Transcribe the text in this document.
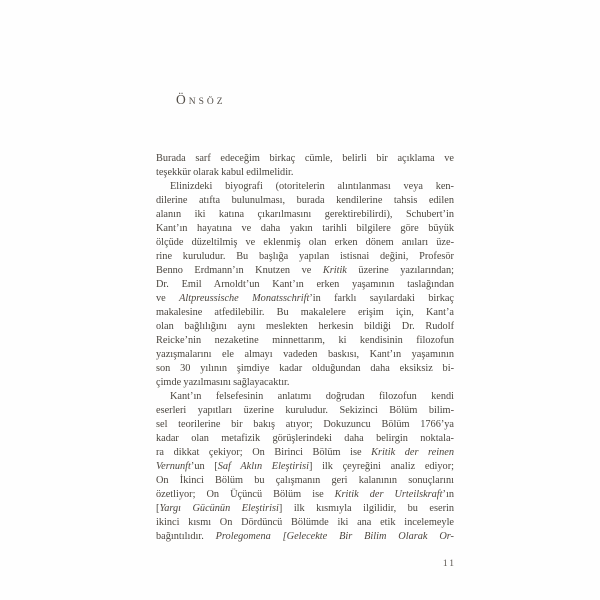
ÖNSÖZ
Burada sarf edeceğim birkaç cümle, belirli bir açıklama ve
teşekkür olarak kabul edilmelidir.
Elinizdeki biyografi (otoritelerin alıntılanması veya ken-
dilerine atıfta bulunulması, burada kendilerine tahsis edilen
alanın iki katına çıkarılmasını gerektirebilirdi), Schubert’in
Kant’ın hayatına ve daha yakın tarihli bilgilere göre büyük
ölçüde düzeltilmiş ve eklenmiş olan erken dönem anıları üze-
rine kuruludur. Bu başlığa yapılan istisnai değini, Profesör
Benno Erdmann’ın Knutzen ve Kritik üzerine yazılarından;
Dr. Emil Arnoldt’un Kant’ın erken yaşamının taslağından
ve Altpreussische Monatsschrift’in farklı sayılardaki birkaç
makalesine atfedilebilir. Bu makalelere erişim için, Kant’a
olan bağlılığını aynı meslekten herkesin bildiği Dr. Rudolf
Reicke’nin nezaketine minnettarım, ki kendisinin filozofun
yazışmalarını ele almayı vadeden baskısı, Kant’ın yaşamının
son 30 yılının şimdiye kadar olduğundan daha eksiksiz bi-
çimde yazılmasını sağlayacaktır.
Kant’ın felsefesinin anlatımı doğrudan filozofun kendi
eserleri yapıtları üzerine kuruludur. Sekizinci Bölüm bilim-
sel teorilerine bir bakış atıyor; Dokuzuncu Bölüm 1766’ya
kadar olan metafizik görüşlerindeki daha belirgin noktala-
ra dikkat çekiyor; On Birinci Bölüm ise Kritik der reinen
Vernunft’un [Saf Aklın Eleştirisi] ilk çeyreğini analiz ediyor;
On İkinci Bölüm bu çalışmanın geri kalanının sonuçlarını
özetliyor; On Üçüncü Bölüm ise Kritik der Urteilskraft’ın
[Yargı Gücünün Eleştirisi] ilk kısmıyla ilgilidir, bu eserin
ikinci kısmı On Dördüncü Bölümde iki ana etik incelemeyle
bağıntılıdır. Prolegomena [Gelecekte Bir Bilim Olarak Or-
11
